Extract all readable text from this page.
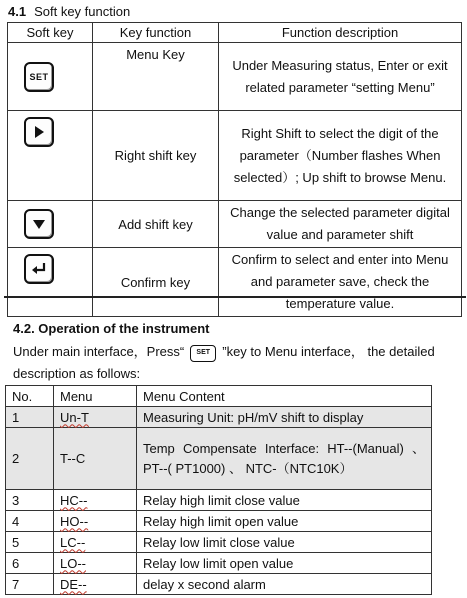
4.1 Soft key function
Soft key	Key function	Function description
SET	Menu Key	Under Measuring status, Enter or exit related parameter “setting Menu”

	Right shift key	Right Shift to select the digit of the parameter（Number flashes When selected）; Up shift to browse Menu.

	Add shift key	Change the selected parameter digital value and parameter shift

	Confirm key	Confirm to select and enter into Menu and parameter save, check the temperature value.
4.2. Operation of the instrument
Under main interface，Press“ SET ”key to Menu interface， the detailed description as follows:
No.	Menu	Menu Content
1	Un-T	Measuring Unit: pH/mV shift to display
2	T--C	Temp Compensate Interface: HT--(Manual) 、 PT--( PT1000) 、 NTC-（NTC10K）
3	HC--	Relay high limit close value
4	HO--	Relay high limit open value
5	LC--	Relay low limit close value
6	LO--	Relay low limit open value
7	DE--	delay x second alarm
